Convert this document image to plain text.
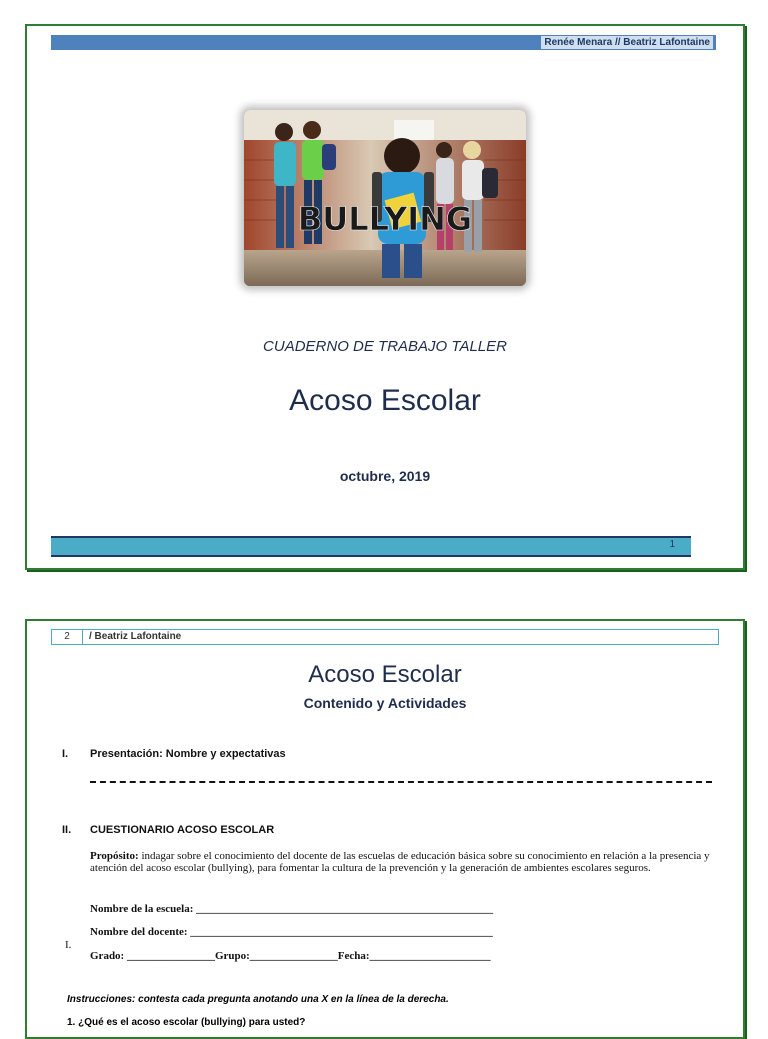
Renée Menara // Beatriz Lafontaine
BULLYING
CUADERNO DE TRABAJO TALLER
Acoso Escolar
octubre, 2019
1
2	/ Beatriz Lafontaine
Acoso Escolar
Contenido y Actividades
I. Presentación: Nombre y expectativas
II. CUESTIONARIO ACOSO ESCOLAR
Propósito: indagar sobre el conocimiento del docente de las escuelas de educación básica sobre su conocimiento en relación a la presencia y atención del acoso escolar (bullying), para fomentar la cultura de la prevención y la generación de ambientes escolares seguros.
Nombre de la escuela: ______________________________________________________
Nombre del docente: _______________________________________________________
I.
Grado: ________________Grupo:________________Fecha:______________________
Instrucciones: contesta cada pregunta anotando una X en la línea de la derecha.
1. ¿Qué es el acoso escolar (bullying) para usted?
